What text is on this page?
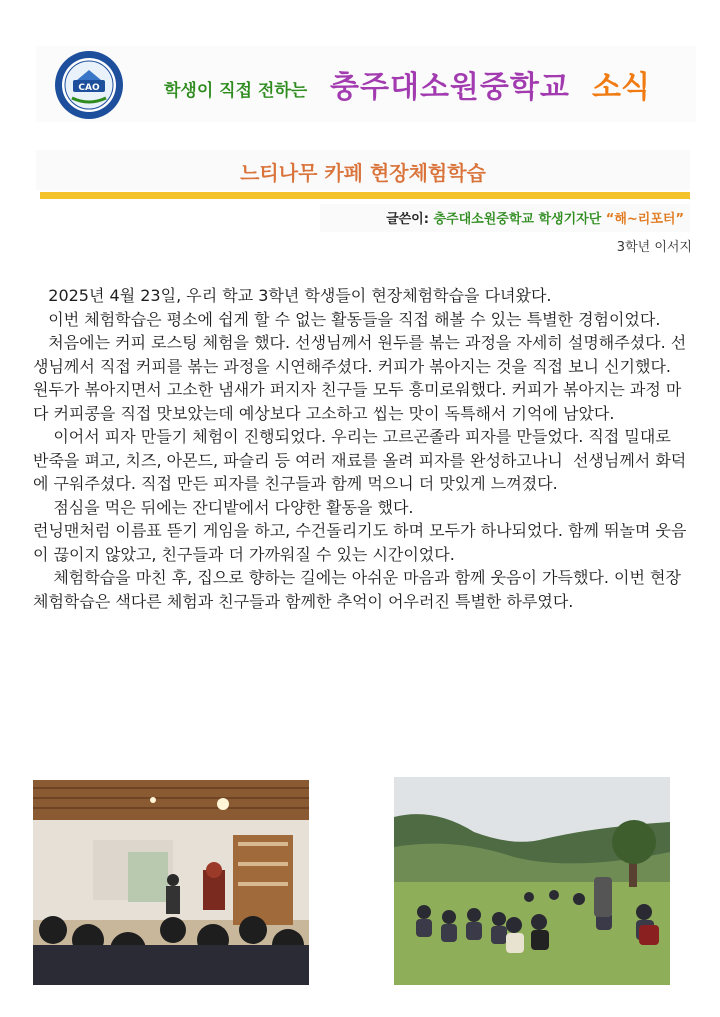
CAO	학생이 직접 전하는 충주대소원중학교 소식
느티나무 카페 현장체험학습
글쓴이: 충주대소원중학교 학생기자단 “해~리포터”
3학년 이서지

2025년 4월 23일, 우리 학교 3학년 학생들이 현장체험학습을 다녀왔다.

이번 체험학습은 평소에 쉽게 할 수 없는 활동들을 직접 해볼 수 있는 특별한 경험이었다.

처음에는 커피 로스팅 체험을 했다. 선생님께서 원두를 볶는 과정을 자세히 설명해주셨다. 선생님께서 직접 커피를 볶는 과정을 시연해주셨다. 커피가 볶아지는 것을 직접 보니 신기했다. 원두가 볶아지면서 고소한 냄새가 퍼지자 친구들 모두 흥미로워했다. 커피가 볶아지는 과정 마다 커피콩을 직접 맛보았는데 예상보다 고소하고 씹는 맛이 독특해서 기억에 남았다.

이어서 피자 만들기 체험이 진행되었다. 우리는 고르곤졸라 피자를 만들었다. 직접 밀대로 반죽을 펴고, 치즈, 아몬드, 파슬리 등 여러 재료를 올려 피자를 완성하고나니  선생님께서 화덕에 구워주셨다. 직접 만든 피자를 친구들과 함께 먹으니 더 맛있게 느껴졌다.

점심을 먹은 뒤에는 잔디밭에서 다양한 활동을 했다.

런닝맨처럼 이름표 뜯기 게임을 하고, 수건돌리기도 하며 모두가 하나되었다. 함께 뛰놀며 웃음이 끊이지 않았고, 친구들과 더 가까워질 수 있는 시간이었다.

체험학습을 마친 후, 집으로 향하는 길에는 아쉬운 마음과 함께 웃음이 가득했다. 이번 현장체험학습은 색다른 체험과 친구들과 함께한 추억이 어우러진 특별한 하루였다.
